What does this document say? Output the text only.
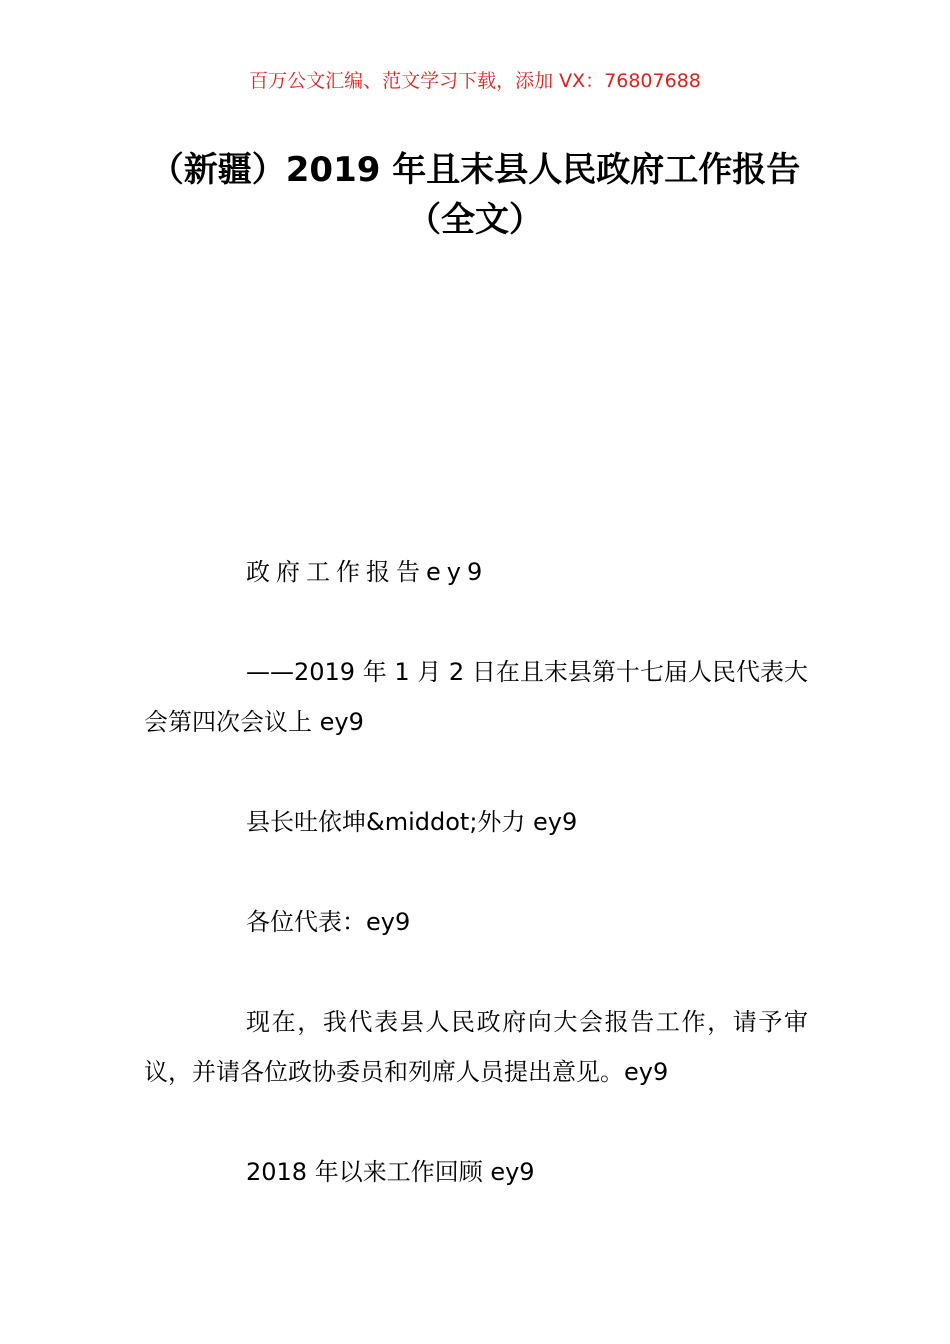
百万公文汇编、范文学习下载，添加 VX：76807688
（新疆）2019 年且末县人民政府工作报告
（全文）

政府工作报告ey9

——2019 年 1 月 2 日在且末县第十七届人民代表大会第四次会议上 ey9

县长吐依坤&middot;外力 ey9

各位代表：ey9

现在，我代表县人民政府向大会报告工作，请予审议，并请各位政协委员和列席人员提出意见。ey9

2018 年以来工作回顾 ey9
